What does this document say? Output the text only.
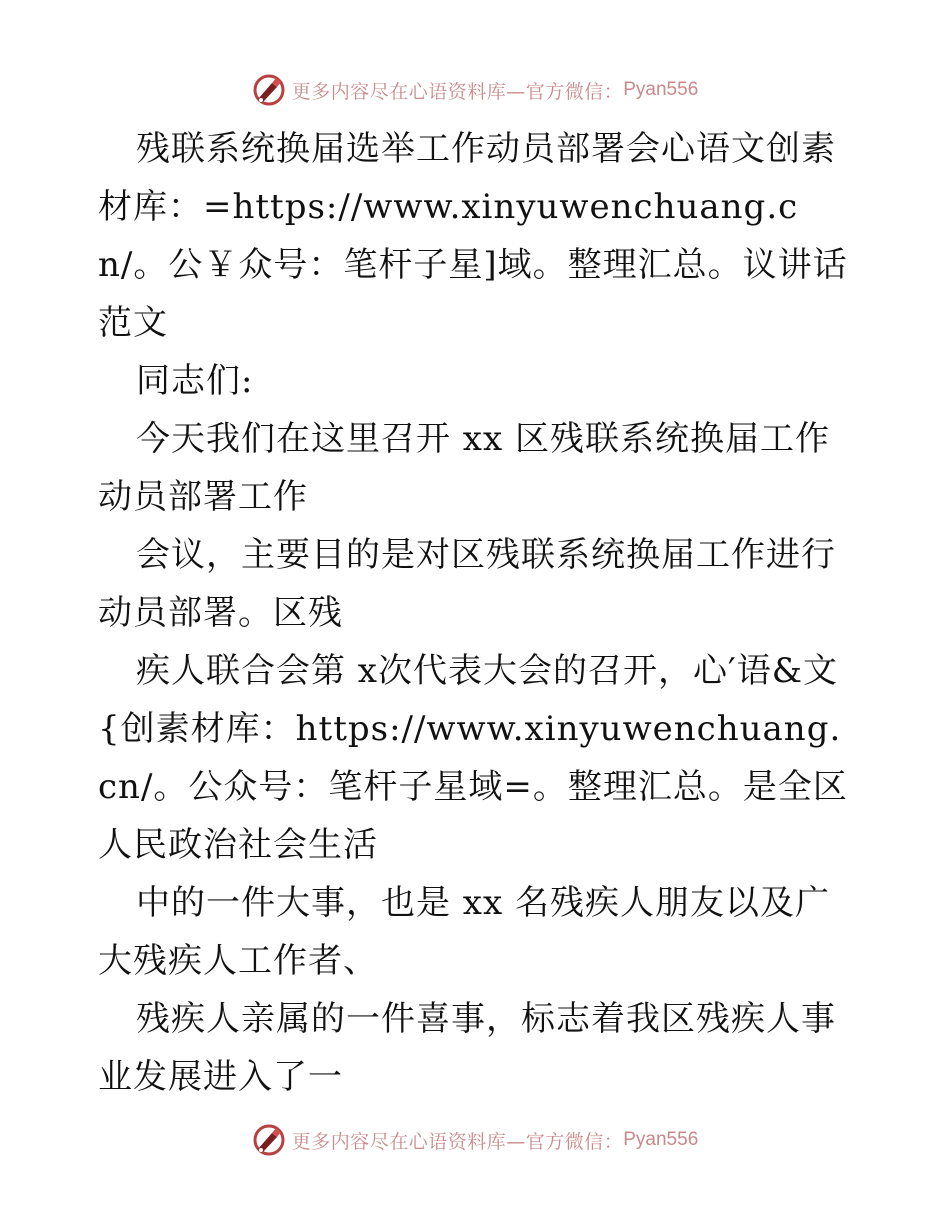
更多内容尽在心语资料库—官方微信： Pyan556

残联系统换届选举工作动员部署会心语文创素材库：=https://www.xinyuwenchuang.cn/。公￥众号：笔杆子星]域。整理汇总。议讲话范文

同志们:

今天我们在这里召开 xx 区残联系统换届工作动员部署工作

会议，主要目的是对区残联系统换届工作进行动员部署。区残

疾人联合会第 x次代表大会的召开，心′语&文{创素材库：https://www.xinyuwenchuang.cn/。公众号：笔杆子星域=。整理汇总。是全区人民政治社会生活

中的一件大事，也是 xx 名残疾人朋友以及广大残疾人工作者、

残疾人亲属的一件喜事，标志着我区残疾人事业发展进入了一

更多内容尽在心语资料库—官方微信： Pyan556
